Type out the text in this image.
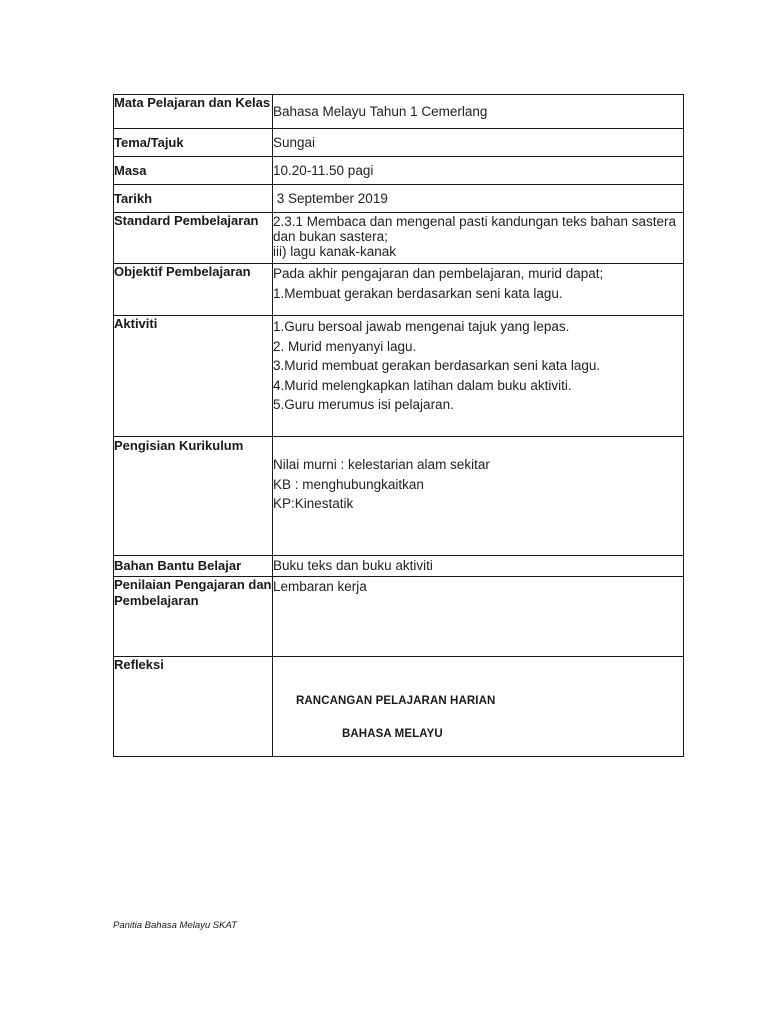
Mata Pelajaran dan Kelas	Bahasa Melayu Tahun 1 Cemerlang
Tema/Tajuk	Sungai
Masa	10.20-11.50 pagi
Tarikh	3 September 2019
Standard Pembelajaran	2.3.1 Membaca dan mengenal pasti kandungan teks bahan sastera dan bukan sastera;
iii) lagu kanak-kanak

Objektif Pembelajaran	Pada akhir pengajaran dan pembelajaran, murid dapat;
1.Membuat gerakan berdasarkan seni kata lagu.

Aktiviti	1.Guru bersoal jawab mengenai tajuk yang lepas.
2. Murid menyanyi lagu.
3.Murid membuat gerakan berdasarkan seni kata lagu.
4.Murid melengkapkan latihan dalam buku aktiviti.
5.Guru merumus isi pelajaran.

Pengisian Kurikulum	Nilai murni : kelestarian alam sekitar
KB : menghubungkaitkan
KP:Kinestatik

Bahan Bantu Belajar	Buku teks dan buku aktiviti
Penilaian Pengajaran dan Pembelajaran	Lembaran kerja
Refleksi	
RANCANGAN PELAJARAN HARIAN
BAHASA MELAYU
Panitia Bahasa Melayu SKAT
